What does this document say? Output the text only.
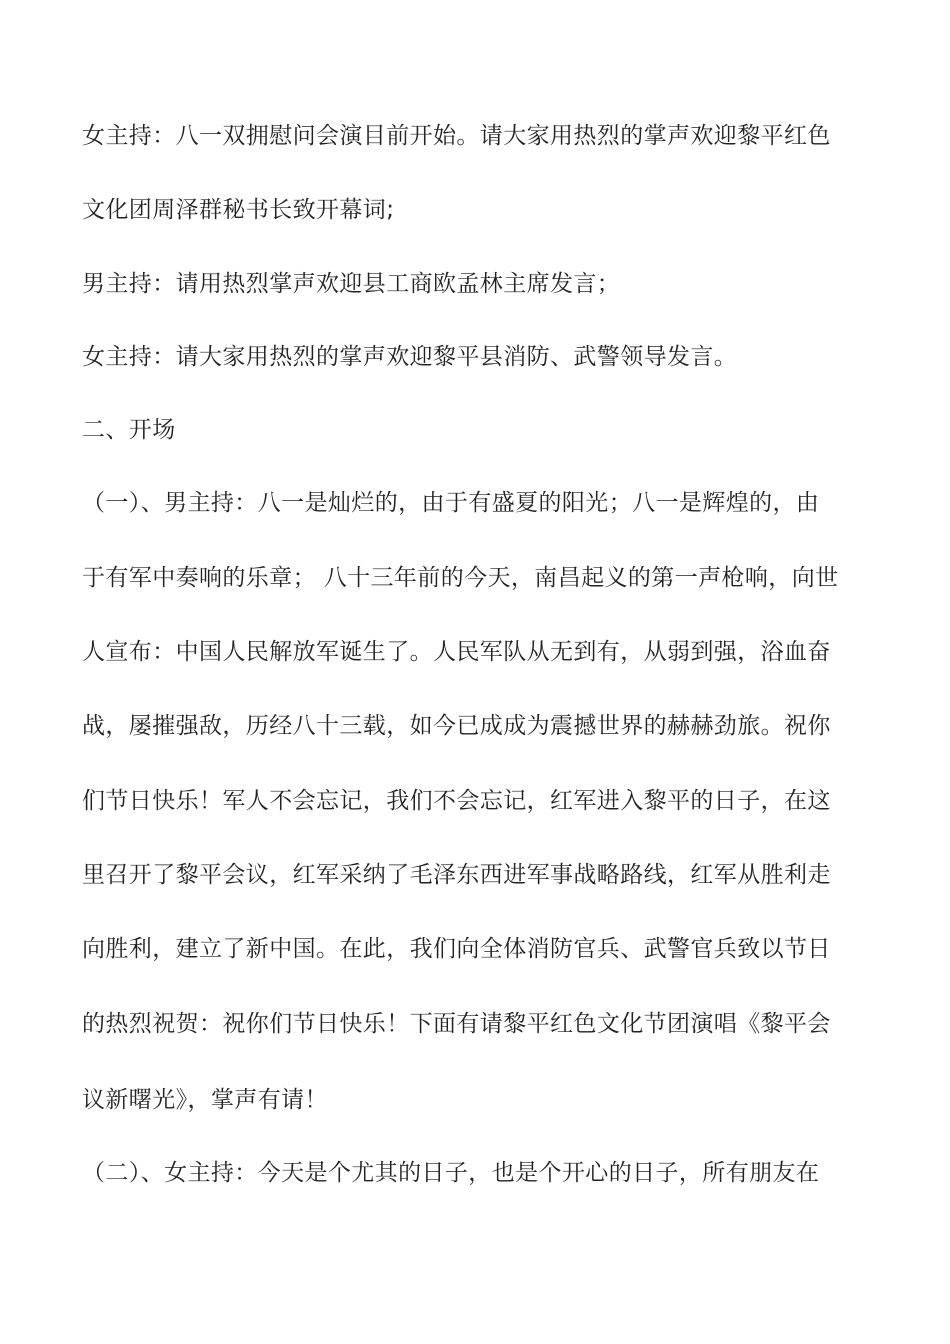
女主持：八一双拥慰问会演目前开始。请大家用热烈的掌声欢迎黎平红色
文化团周泽群秘书长致开幕词;
男主持：请用热烈掌声欢迎县工商欧孟林主席发言；
女主持：请大家用热烈的掌声欢迎黎平县消防、武警领导发言。
二、开场
（一）、男主持：八一是灿烂的，由于有盛夏的阳光；八一是辉煌的，由
于有军中奏响的乐章； 八十三年前的今天，南昌起义的第一声枪响，向世
人宣布：中国人民解放军诞生了。人民军队从无到有，从弱到强，浴血奋
战，屡摧强敌，历经八十三载，如今已成成为震撼世界的赫赫劲旅。祝你
们节日快乐！军人不会忘记，我们不会忘记，红军进入黎平的日子，在这
里召开了黎平会议，红军采纳了毛泽东西进军事战略路线，红军从胜利走
向胜利，建立了新中国。在此，我们向全体消防官兵、武警官兵致以节日
的热烈祝贺：祝你们节日快乐！下面有请黎平红色文化节团演唱《黎平会
议新曙光》，掌声有请！
（二）、女主持：今天是个尤其的日子，也是个开心的日子，所有朋友在
